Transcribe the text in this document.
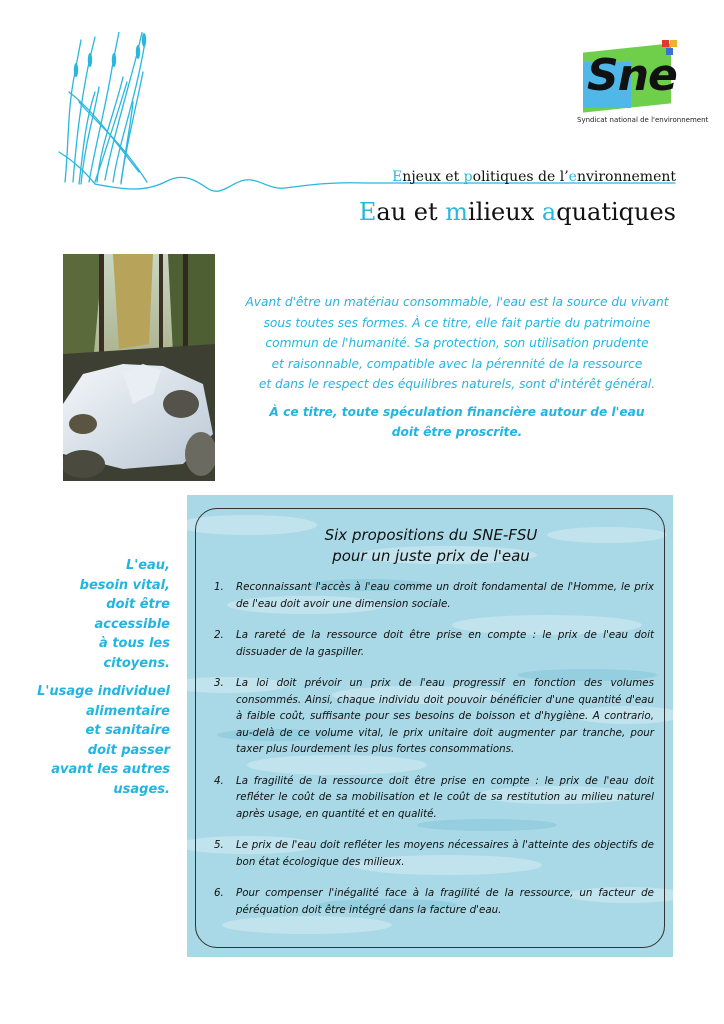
Sne
Syndicat national de l'environnement
Enjeux et politiques de l’environnement
Eau et milieux aquatiques

Avant d'être un matériau consommable, l'eau est la source du vivant

sous toutes ses formes. À ce titre, elle fait partie du patrimoine

commun de l'humanité. Sa protection, son utilisation prudente

et raisonnable, compatible avec la pérennité de la ressource

et dans le respect des équilibres naturels, sont d'intérêt général.

À ce titre, toute spéculation financière autour de l'eau

doit être proscrite.

L'eau,
besoin vital,
doit être
accessible
à tous les
citoyens.

L'usage individuel
alimentaire
et sanitaire
doit passer
avant les autres
usages.

Six propositions du SNE-FSU
pour un juste prix de l'eau
1. Reconnaissant l'accès à l'eau comme un droit fondamental de l'Homme, le prix de l'eau doit avoir une dimension sociale.
2. La rareté de la ressource doit être prise en compte : le prix de l'eau doit dissuader de la gaspiller.
3. La loi doit prévoir un prix de l'eau progressif en fonction des volumes consommés. Ainsi, chaque individu doit pouvoir bénéficier d'une quantité d'eau à faible coût, suffisante pour ses besoins de boisson et d'hygiène. A contrario, au-delà de ce volume vital, le prix unitaire doit augmenter par tranche, pour taxer plus lourdement les plus fortes consommations.
4. La fragilité de la ressource doit être prise en compte : le prix de l'eau doit refléter le coût de sa mobilisation et le coût de sa restitution au milieu naturel après usage, en quantité et en qualité.
5. Le prix de l'eau doit refléter les moyens nécessaires à l'atteinte des objectifs de bon état écologique des milieux.
6. Pour compenser l'inégalité face à la fragilité de la ressource, un facteur de péréquation doit être intégré dans la facture d'eau.
